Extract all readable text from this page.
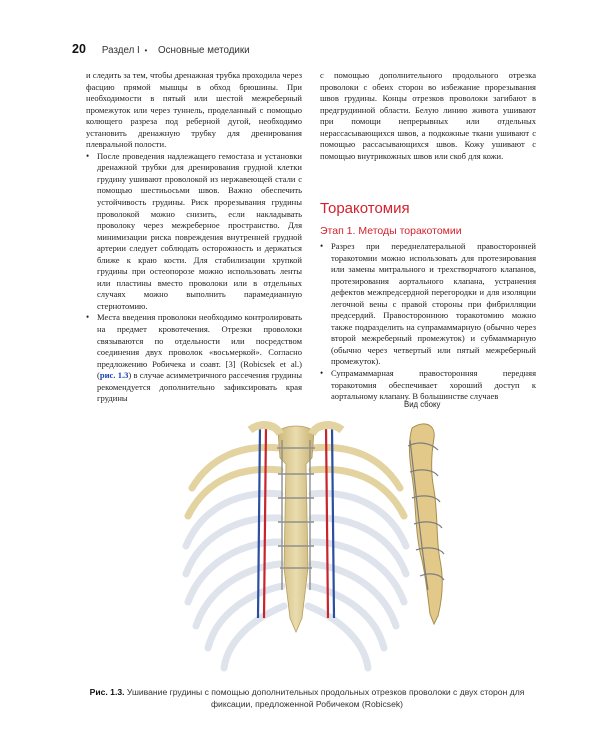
20 Раздел I • Основные методики

и следить за тем, чтобы дренажная трубка проходила через фасцию прямой мышцы в обход брюшины. При необходимости в пятый или шестой межреберный промежуток или через туннель, проделанный с помощью колющего разреза под реберной дугой, необходимо установить дренажную трубку для дренирования плевральной полости.

• После проведения надлежащего гемостаза и установки дренажной трубки для дренирования грудной клетки грудину ушивают проволокой из нержавеющей стали с помощью шестиьосьми швов. Важно обеспечить устойчивость грудины. Риск прорезывания грудины проволокой можно снизить, если накладывать проволоку через межреберное пространство. Для минимизации риска повреждения внутренней грудной артерии следует соблюдать осторожность и держаться ближе к краю кости. Для стабилизации хрупкой грудины при остеопорозе можно использовать ленты или пластины вместо проволоки или в отдельных случаях можно выполнить парамедианную стернотомию.
• Места введения проволоки необходимо контролировать на предмет кровотечения. Отрезки проволоки связываются по отдельности или посредством соединения двух проволок «восьмеркой». Согласно предложению Робичека и соавт. [3] (Robicsek et al.) (рис. 1.3) в случае асимметричного рассечения грудины рекомендуется дополнительно зафиксировать края грудины

с помощью дополнительного продольного отрезка проволоки с обеих сторон во избежание прорезывания швов грудины. Концы отрезков проволоки загибают в предгрудинной области. Белую линию живота ушивают при помощи непрерывных или отдельных нерассасывающихся швов, а подкожные ткани ушивают с помощью рассасывающихся швов. Кожу ушивают с помощью внутрикожных швов или скоб для кожи.

Торакотомия
Этап 1. Методы торакотомии
• Разрез при переднелатеральной правосторонней торакотомии можно использовать для протезирования или замены митрального и трехстворчатого клапанов, протезирования аортального клапана, устранения дефектов межпредсердной перегородки и для изоляции легочной вены с правой стороны при фибрилляции предсердий. Правостороннюю торакотомию можно также подразделить на супрамаммарную (обычно через второй межреберный промежуток) и субмаммарную (обычно через четвертый или пятый межреберный промежуток).
• Супрамаммарная правосторонняя передняя торакотомия обеспечивает хороший доступ к аортальному клапану. В большинстве случаев
Вид сбоку
Рис. 1.3. Ушивание грудины с помощью дополнительных продольных отрезков проволоки с двух сторон для фиксации, предложенной Робичеком (Robicsek)
